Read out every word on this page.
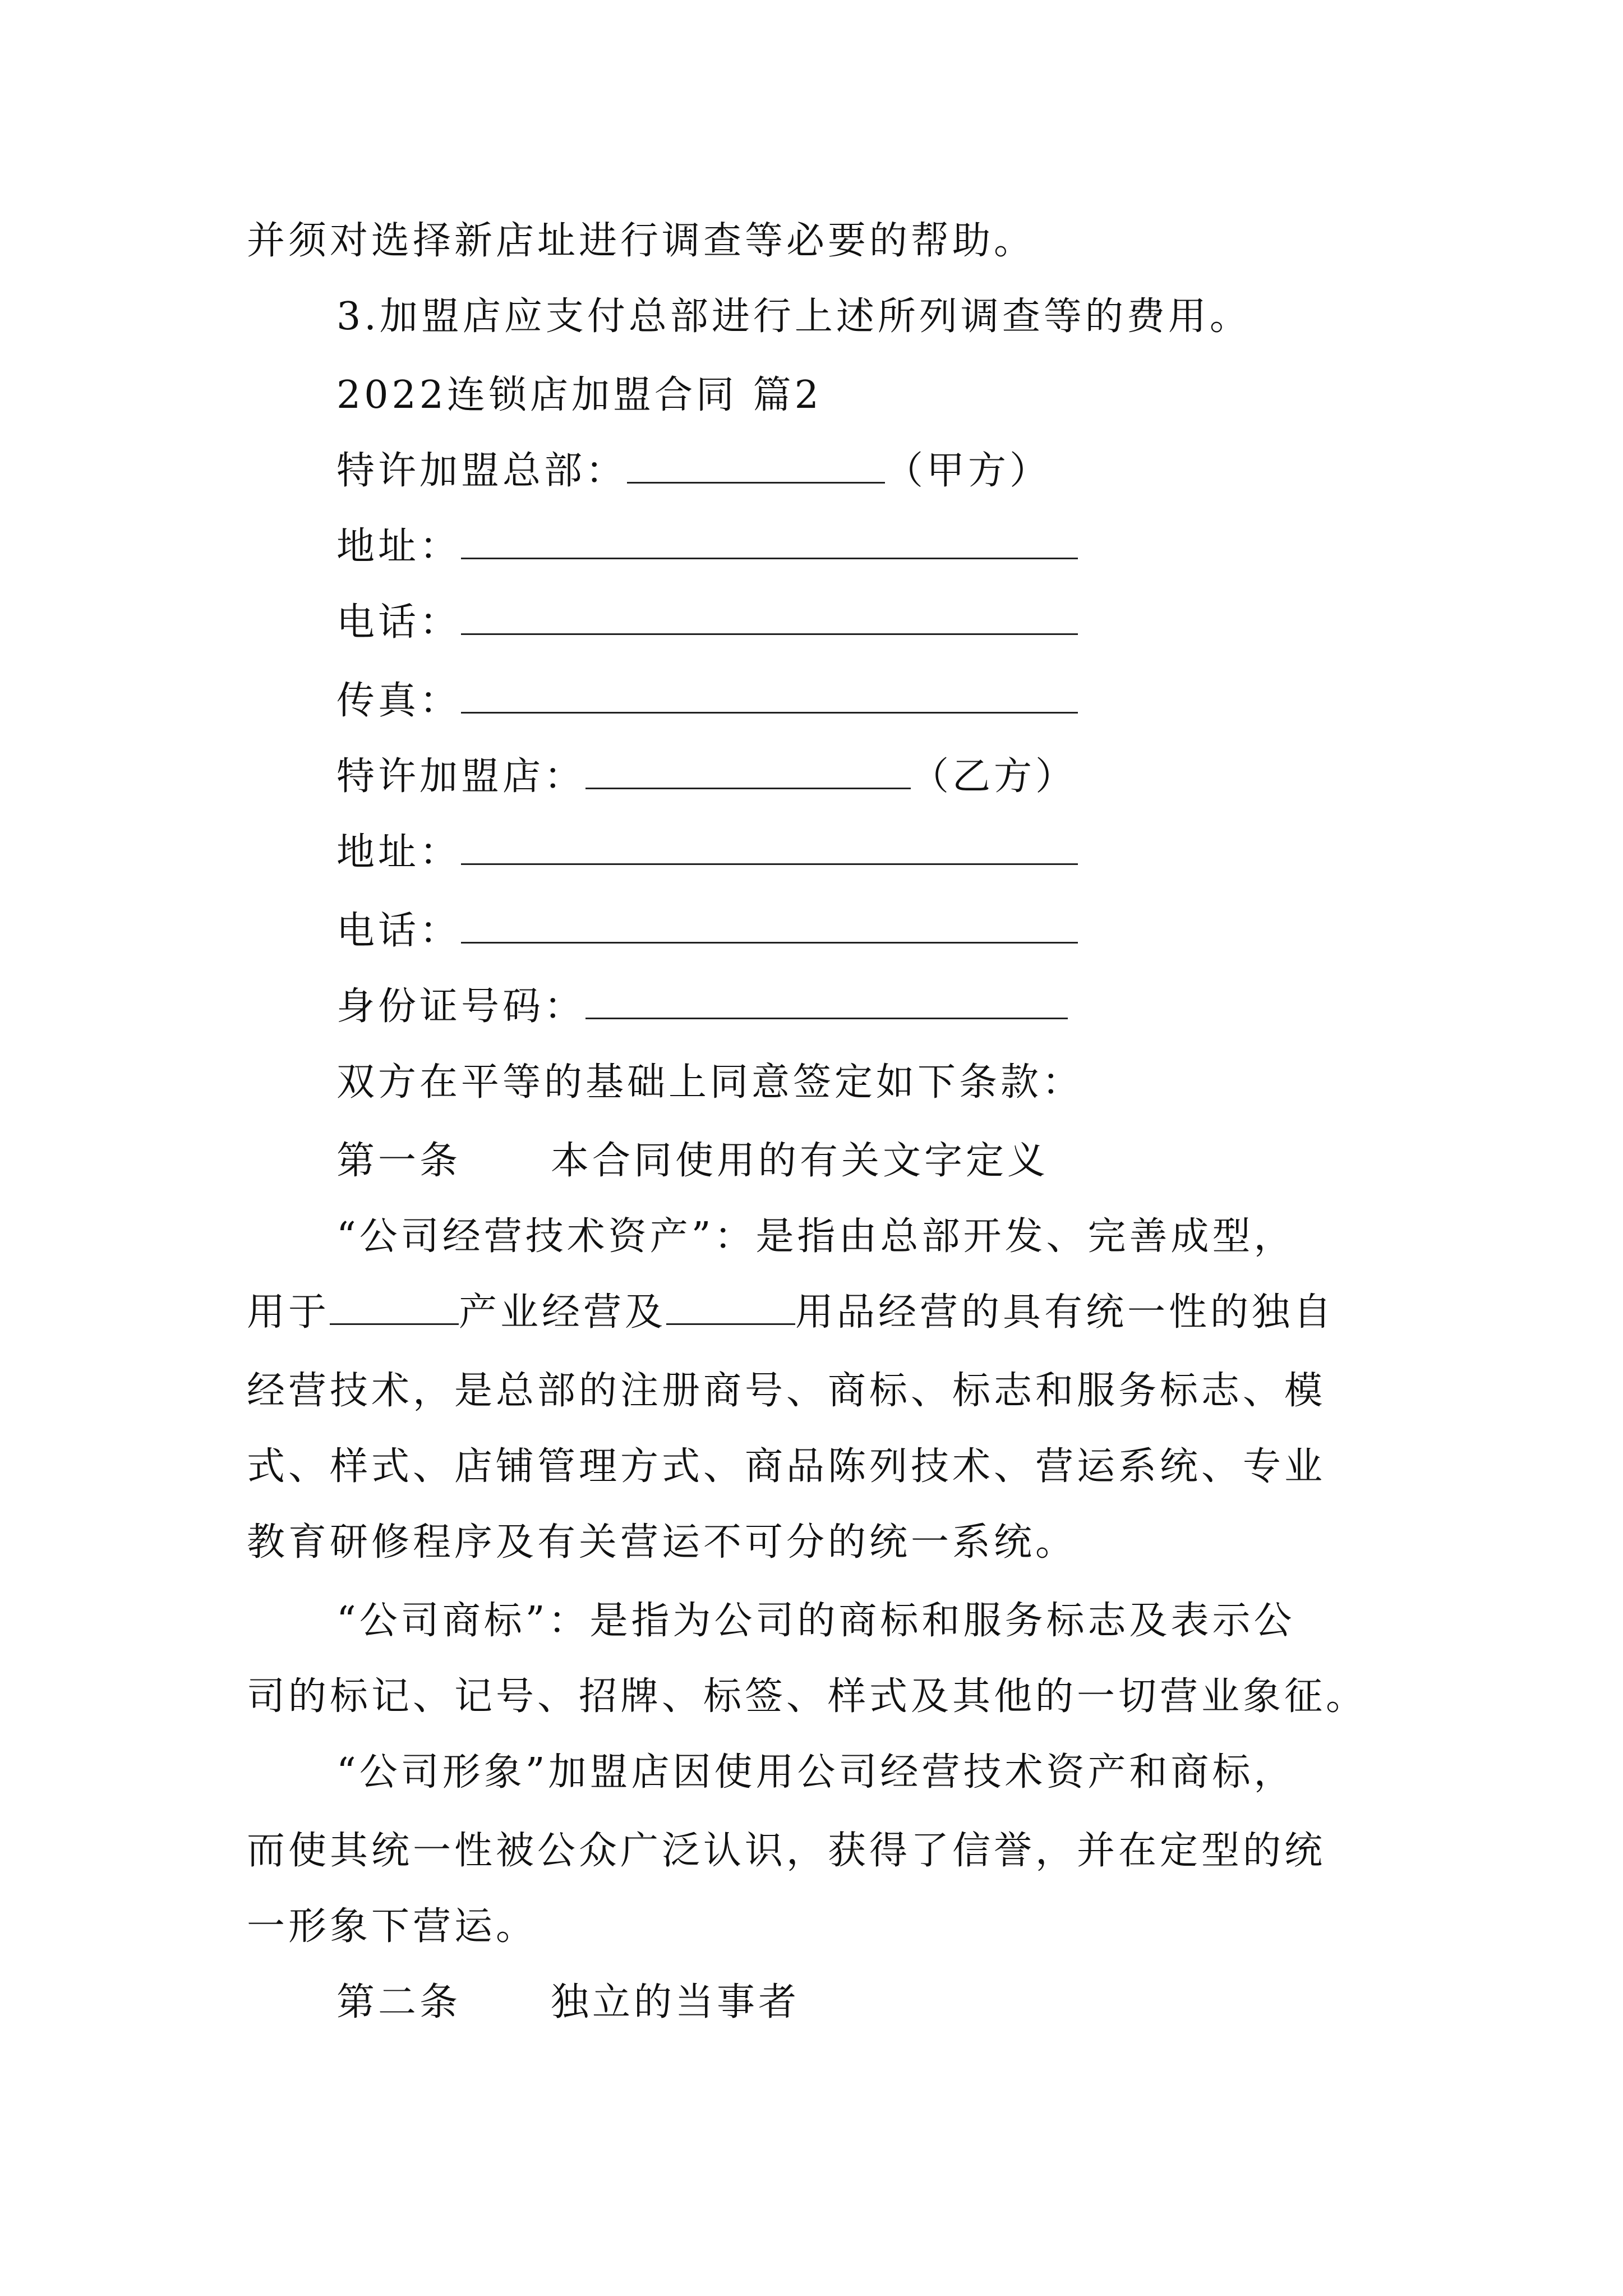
并须对选择新店址进行调查等必要的帮助。
3.加盟店应支付总部进行上述所列调查等的费用。
2022连锁店加盟合同 篇2
特许加盟总部：	（甲方）
地址：
电话：
传真：
特许加盟店：	（乙方）
地址：
电话：
身份证号码：
双方在平等的基础上同意签定如下条款：
第一条 本合同使用的有关文字定义
“公司经营技术资产”：是指由总部开发、完善成型，
用于	产业经营及	用品经营的具有统一性的独自
经营技术，是总部的注册商号、商标、标志和服务标志、模
式、样式、店铺管理方式、商品陈列技术、营运系统、专业
教育研修程序及有关营运不可分的统一系统。
“公司商标”：是指为公司的商标和服务标志及表示公
司的标记、记号、招牌、标签、样式及其他的一切营业象征。
“公司形象”加盟店因使用公司经营技术资产和商标，
而使其统一性被公众广泛认识，获得了信誉，并在定型的统
一形象下营运。
第二条 独立的当事者
